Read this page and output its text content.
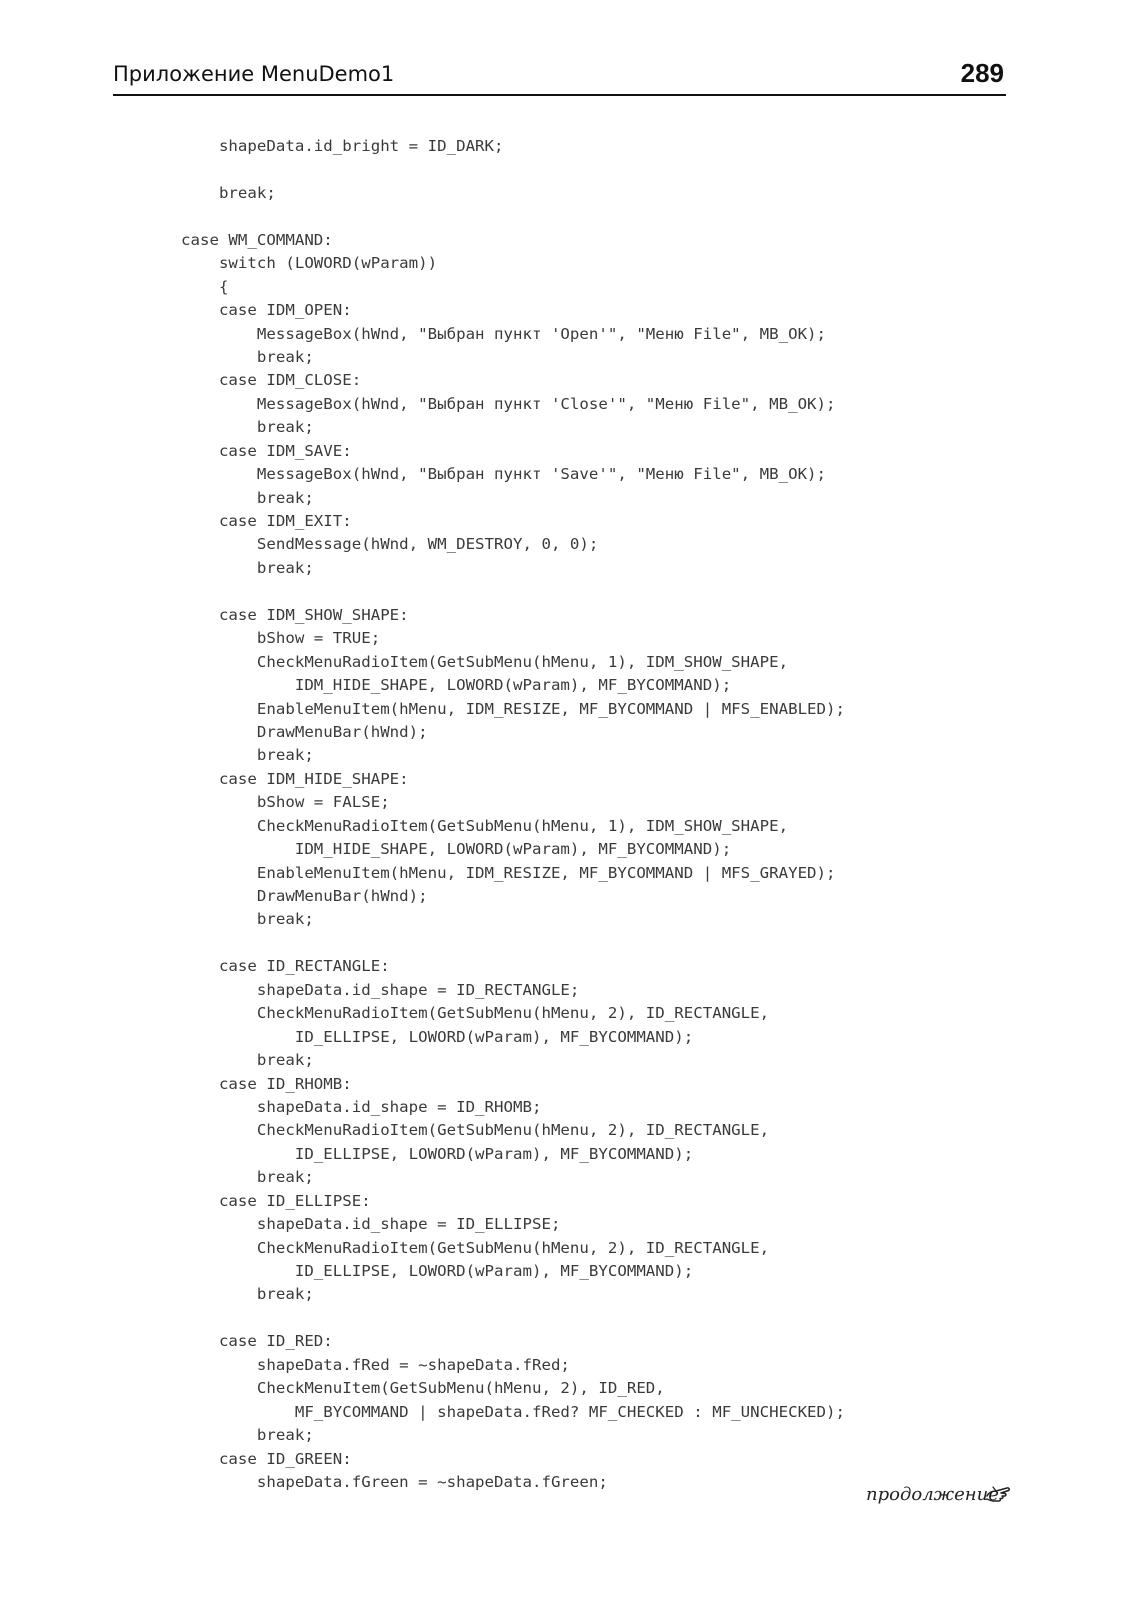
Приложение MenuDemo1	289
shapeData.id_bright = ID_DARK;
break;
case WM_COMMAND:
switch (LOWORD(wParam))
{
case IDM_OPEN:
MessageBox(hWnd, "Выбран пункт 'Open'", "Меню File", MB_OK);
break;
case IDM_CLOSE:
MessageBox(hWnd, "Выбран пункт 'Close'", "Меню File", MB_OK);
break;
case IDM_SAVE:
MessageBox(hWnd, "Выбран пункт 'Save'", "Меню File", MB_OK);
break;
case IDM_EXIT:
SendMessage(hWnd, WM_DESTROY, 0, 0);
break;
case IDM_SHOW_SHAPE:
bShow = TRUE;
CheckMenuRadioItem(GetSubMenu(hMenu, 1), IDM_SHOW_SHAPE,
IDM_HIDE_SHAPE, LOWORD(wParam), MF_BYCOMMAND);
EnableMenuItem(hMenu, IDM_RESIZE, MF_BYCOMMAND | MFS_ENABLED);
DrawMenuBar(hWnd);
break;
case IDM_HIDE_SHAPE:
bShow = FALSE;
CheckMenuRadioItem(GetSubMenu(hMenu, 1), IDM_SHOW_SHAPE,
IDM_HIDE_SHAPE, LOWORD(wParam), MF_BYCOMMAND);
EnableMenuItem(hMenu, IDM_RESIZE, MF_BYCOMMAND | MFS_GRAYED);
DrawMenuBar(hWnd);
break;
case ID_RECTANGLE:
shapeData.id_shape = ID_RECTANGLE;
CheckMenuRadioItem(GetSubMenu(hMenu, 2), ID_RECTANGLE,
ID_ELLIPSE, LOWORD(wParam), MF_BYCOMMAND);
break;
case ID_RHOMB:
shapeData.id_shape = ID_RHOMB;
CheckMenuRadioItem(GetSubMenu(hMenu, 2), ID_RECTANGLE,
ID_ELLIPSE, LOWORD(wParam), MF_BYCOMMAND);
break;
case ID_ELLIPSE:
shapeData.id_shape = ID_ELLIPSE;
CheckMenuRadioItem(GetSubMenu(hMenu, 2), ID_RECTANGLE,
ID_ELLIPSE, LOWORD(wParam), MF_BYCOMMAND);
break;
case ID_RED:
shapeData.fRed = ~shapeData.fRed;
CheckMenuItem(GetSubMenu(hMenu, 2), ID_RED,
MF_BYCOMMAND | shapeData.fRed? MF_CHECKED : MF_UNCHECKED);
break;
case ID_GREEN:
shapeData.fGreen = ~shapeData.fGreen;
продолжение
